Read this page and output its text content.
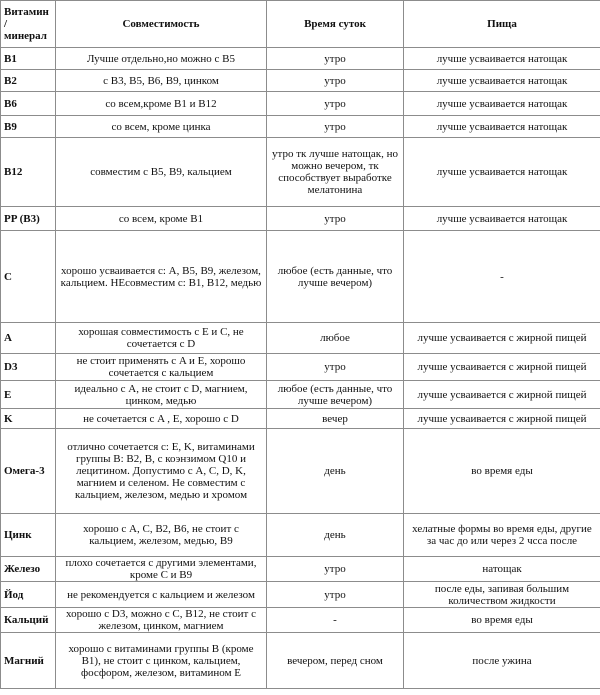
Витамин / минерал	Совместимость	Время суток	Пища

B1	Лучше отдельно,но можно с B5	утро	лучше усваивается натощак

B2	с B3, B5, B6, B9, цинком	утро	лучше усваивается натощак

B6	со всем,кроме B1 и B12	утро	лучше усваивается натощак

B9	со всем, кроме цинка	утро	лучше усваивается натощак

B12	совместим с B5, B9, кальцием	утро тк лучше натощак, но можно вечером, тк способствует выработке мелатонина	лучше усваивается натощак

PP (B3)	со всем, кроме B1	утро	лучше усваивается натощак

C	хорошо усваивается с: A, B5, B9, железом, кальцием. НЕсовместим с: B1, B12, медью	любое (есть данные, что лучше вечером)	-

A	хорошая совместимость с E и C, не сочетается с D	любое	лучше усваивается с жирной пищей

D3	не стоит применять с A и E, хорошо сочетается с кальцием	утро	лучше усваивается с жирной пищей

E	идеально с A, не стоит с D, магнием, цинком, медью	любое (есть данные, что лучше вечером)	лучше усваивается с жирной пищей

K	не сочетается с A , E, хорошо с D	вечер	лучше усваивается с жирной пищей

Омега-3	отлично сочетается с: E, K, витаминами группы В: B2, B, с коэнзимом Q10 и лецитином. Допустимо с A, C, D, K, магнием и селеном. Не совместим с кальцием, железом, медью и хромом	день	во время еды

Цинк	хорошо с A, C, B2, B6, не стоит с кальцием, железом, медью, B9	день	хелатные формы во время еды, другие за час до или через 2 чсса после

Железо	плохо сочетается с другими элементами, кроме C и B9	утро	натощак

Йод	не рекомендуется с кальцием и железом	утро	после еды, запивая большим количеством жидкости

Кальций	хорошо с D3, можно с C, B12, не стоит с железом, цинком, магнием	-	во время еды

Магний	хорошо с витаминами группы В (кроме B1), не стоит с цинком, кальцием, фосфором, железом, витамином E	вечером, перед сном	после ужина
